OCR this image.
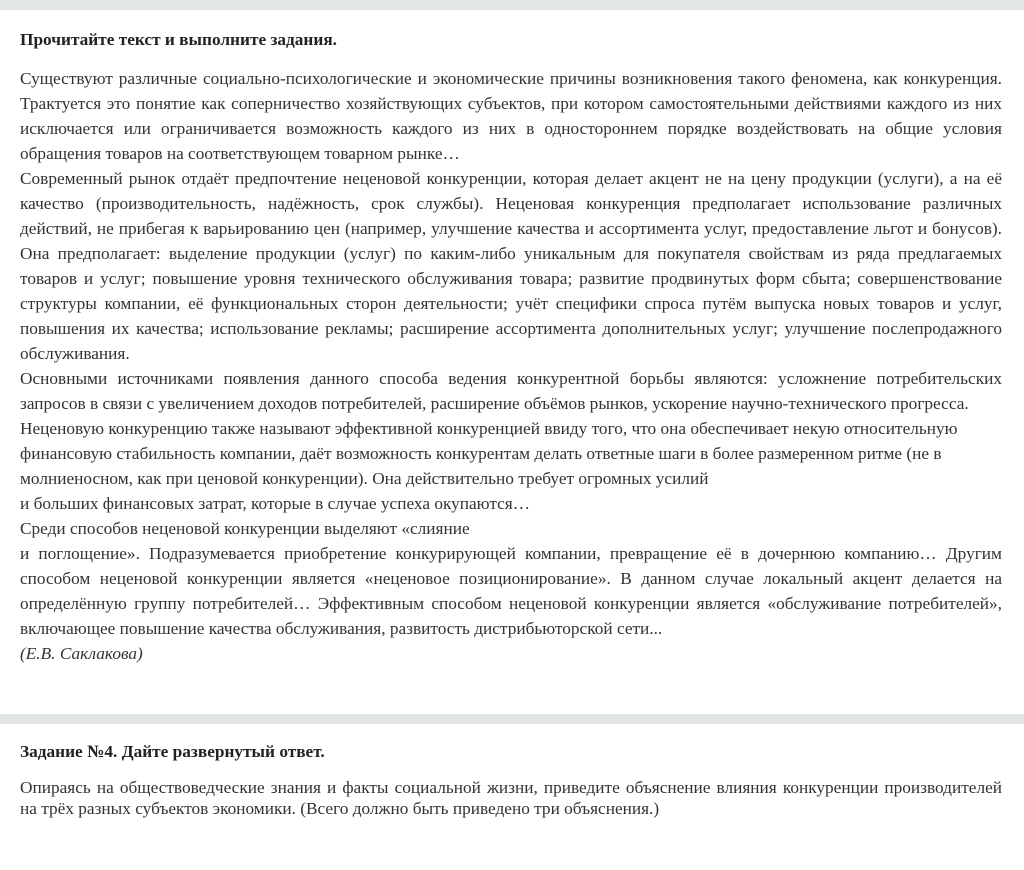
Прочитайте текст и выполните задания.

Существуют различные социально-психологические и экономические причины возникновения такого феномена, как конкуренция. Трактуется это понятие как соперничество хозяйствующих субъектов, при котором самостоятельными действиями каждого из них исключается или ограничивается возможность каждого из них в одностороннем порядке воздействовать на общие условия обращения товаров на соответствующем товарном рынке…

Современный рынок отдаёт предпочтение неценовой конкуренции, которая делает акцент не на цену продукции (услуги), а на её качество (производительность, надёжность, срок службы). Неценовая конкуренция предполагает использование различных действий, не прибегая к варьированию цен (например, улучшение качества и ассортимента услуг, предоставление льгот и бонусов). Она предполагает: выделение продукции (услуг) по каким-либо уникальным для покупателя свойствам из ряда предлагаемых товаров и услуг; повышение уровня технического обслуживания товара; развитие продвинутых форм сбыта; совершенствование структуры компании, её функциональных сторон деятельности; учёт специфики спроса путём выпуска новых товаров и услуг, повышения их качества; использование рекламы; расширение ассортимента дополнительных услуг; улучшение послепродажного обслуживания.

Основными источниками появления данного способа ведения конкурентной борьбы являются: усложнение потребительских запросов в связи с увеличением доходов потребителей, расширение объёмов рынков, ускорение научно-технического прогресса.

Неценовую конкуренцию также называют эффективной конкуренцией ввиду того, что она обеспечивает некую относительную финансовую стабильность компании, даёт возможность конкурентам делать ответные шаги в более размеренном ритме (не в молниеносном, как при ценовой конкуренции). Она действительно требует огромных усилий

и больших финансовых затрат, которые в случае успеха окупаются…

Среди способов неценовой конкуренции выделяют «слияние

и поглощение». Подразумевается приобретение конкурирующей компании, превращение её в дочернюю компанию… Другим способом неценовой конкуренции является «неценовое позиционирование». В данном случае локальный акцент делается на определённую группу потребителей… Эффективным способом неценовой конкуренции является «обслуживание потребителей», включающее повышение качества обслуживания, развитость дистрибьюторской сети...

(Е.В. Саклакова)

Задание №4. Дайте развернутый ответ.

Опираясь на обществоведческие знания и факты социальной жизни, приведите объяснение влияния конкуренции производителей на трёх разных субъектов экономики. (Всего должно быть приведено три объяснения.)
